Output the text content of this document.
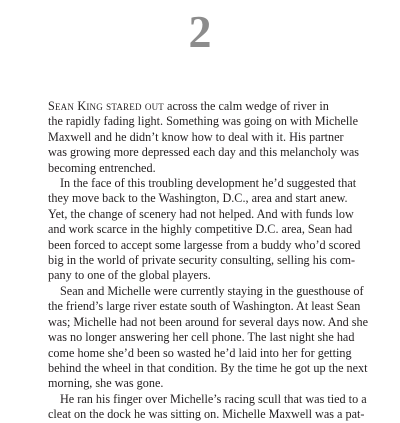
2

Sean King stared out across the calm wedge of river in
the rapidly fading light. Something was going on with Michelle
Maxwell and he didn’t know how to deal with it. His partner
was growing more depressed each day and this melancholy was
becoming entrenched.

In the face of this troubling development he’d suggested that
they move back to the Washington, D.C., area and start anew.
Yet, the change of scenery had not helped. And with funds low
and work scarce in the highly competitive D.C. area, Sean had
been forced to accept some largesse from a buddy who’d scored
big in the world of private security consulting, selling his com-
pany to one of the global players.

Sean and Michelle were currently staying in the guesthouse of
the friend’s large river estate south of Washington. At least Sean
was; Michelle had not been around for several days now. And she
was no longer answering her cell phone. The last night she had
come home she’d been so wasted he’d laid into her for getting
behind the wheel in that condition. By the time he got up the next
morning, she was gone.

He ran his finger over Michelle’s racing scull that was tied to a
cleat on the dock he was sitting on. Michelle Maxwell was a pat-
